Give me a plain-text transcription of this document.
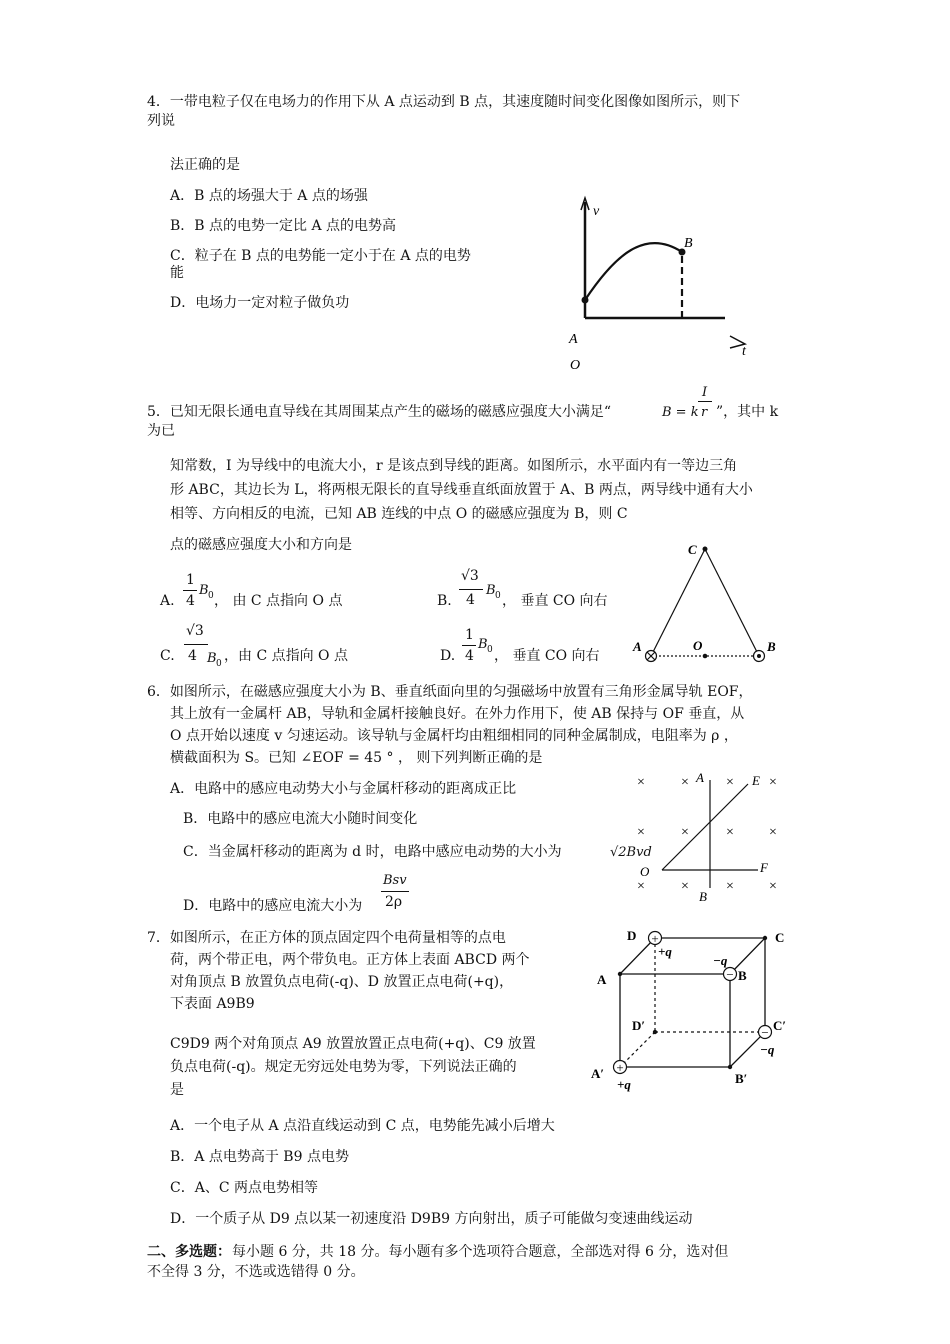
4．一带电粒子仅在电场力的作用下从 A 点运动到 B 点，其速度随时间变化图像如图所示，则下
列说
法正确的是
A．B 点的场强大于 A 点的场强
B．B 点的电势一定比 A 点的电势高
C．粒子在 B 点的电势能一定小于在 A 点的电势
能
D．电场力一定对粒子做负功
v
t
B
A
O
5．已知无限长通电直导线在其周围某点产生的磁场的磁感应强度大小满足“	B = k
I
r ”，其中 k
为已
知常数，I 为导线中的电流大小，r 是该点到导线的距离。如图所示，水平面内有一等边三角
形 ABC，其边长为 L，将两根无限长的直导线垂直纸面放置于 A、B 两点，两导线中通有大小
相等、方向相反的电流，已知 AB 连线的中点 O 的磁感应强度为 B，则 C
点的磁感应强度大小和方向是
A.
1
4
B 0 ， 由 C 点指向 O 点	B.
√3
4
B 0 ， 垂直 CO 向右
C.
√3
4 B 0 ，由 C 点指向 O 点	D.
1
4
B 0 ， 垂直 CO 向右
C
A	O	B
6．如图所示，在磁感应强度大小为 B、垂直纸面向里的匀强磁场中放置有三角形金属导轨 EOF，
其上放有一金属杆 AB，导轨和金属杆接触良好。在外力作用下，使 AB 保持与 OF 垂直，从
O 点开始以速度 v 匀速运动。该导轨与金属杆均由粗细相同的同种金属制成，电阻率为 ρ ，
横截面积为 S。已知 ∠EOF = 45 ° ， 则下列判断正确的是
A．电路中的感应电动势大小与金属杆移动的距离成正比
B．电路中的感应电流大小随时间变化
C．当金属杆移动的距离为 d 时，电路中感应电动势的大小为	√2Bvd
D．电路中的感应电流大小为
Bsv
2ρ
×	×	×	×
×	×	×	×
×	×	×	×
A	E
O	F
B
7．如图所示，在正方体的顶点固定四个电荷量相等的点电
荷，两个带正电，两个带负电。正方体上表面 ABCD 两个
对角顶点 B 放置负点电荷(-q)、D 放置正点电荷(+q)，
下表面 A9B9
C9D9 两个对角顶点 A9 放置放置正点电荷(+q)、C9 放置
负点电荷(-q)。规定无穷远处电势为零，下列说法正确的
是
A．一个电子从 A 点沿直线运动到 C 点，电势能先减小后增大
B．A 点电势高于 B9 点电势
C．A、C 两点电势相等
D．一个质子从 D9 点以某一初速度沿 D9B9 方向射出，质子可能做匀变速曲线运动
+
−
−
+
D	C
A	B
D′	C′
A′	B′
+q
−q
−q
+q
二、多选题： 每小题 6 分，共 18 分。每小题有多个选项符合题意，全部选对得 6 分，选对但
不全得 3 分，不选或选错得 0 分。
